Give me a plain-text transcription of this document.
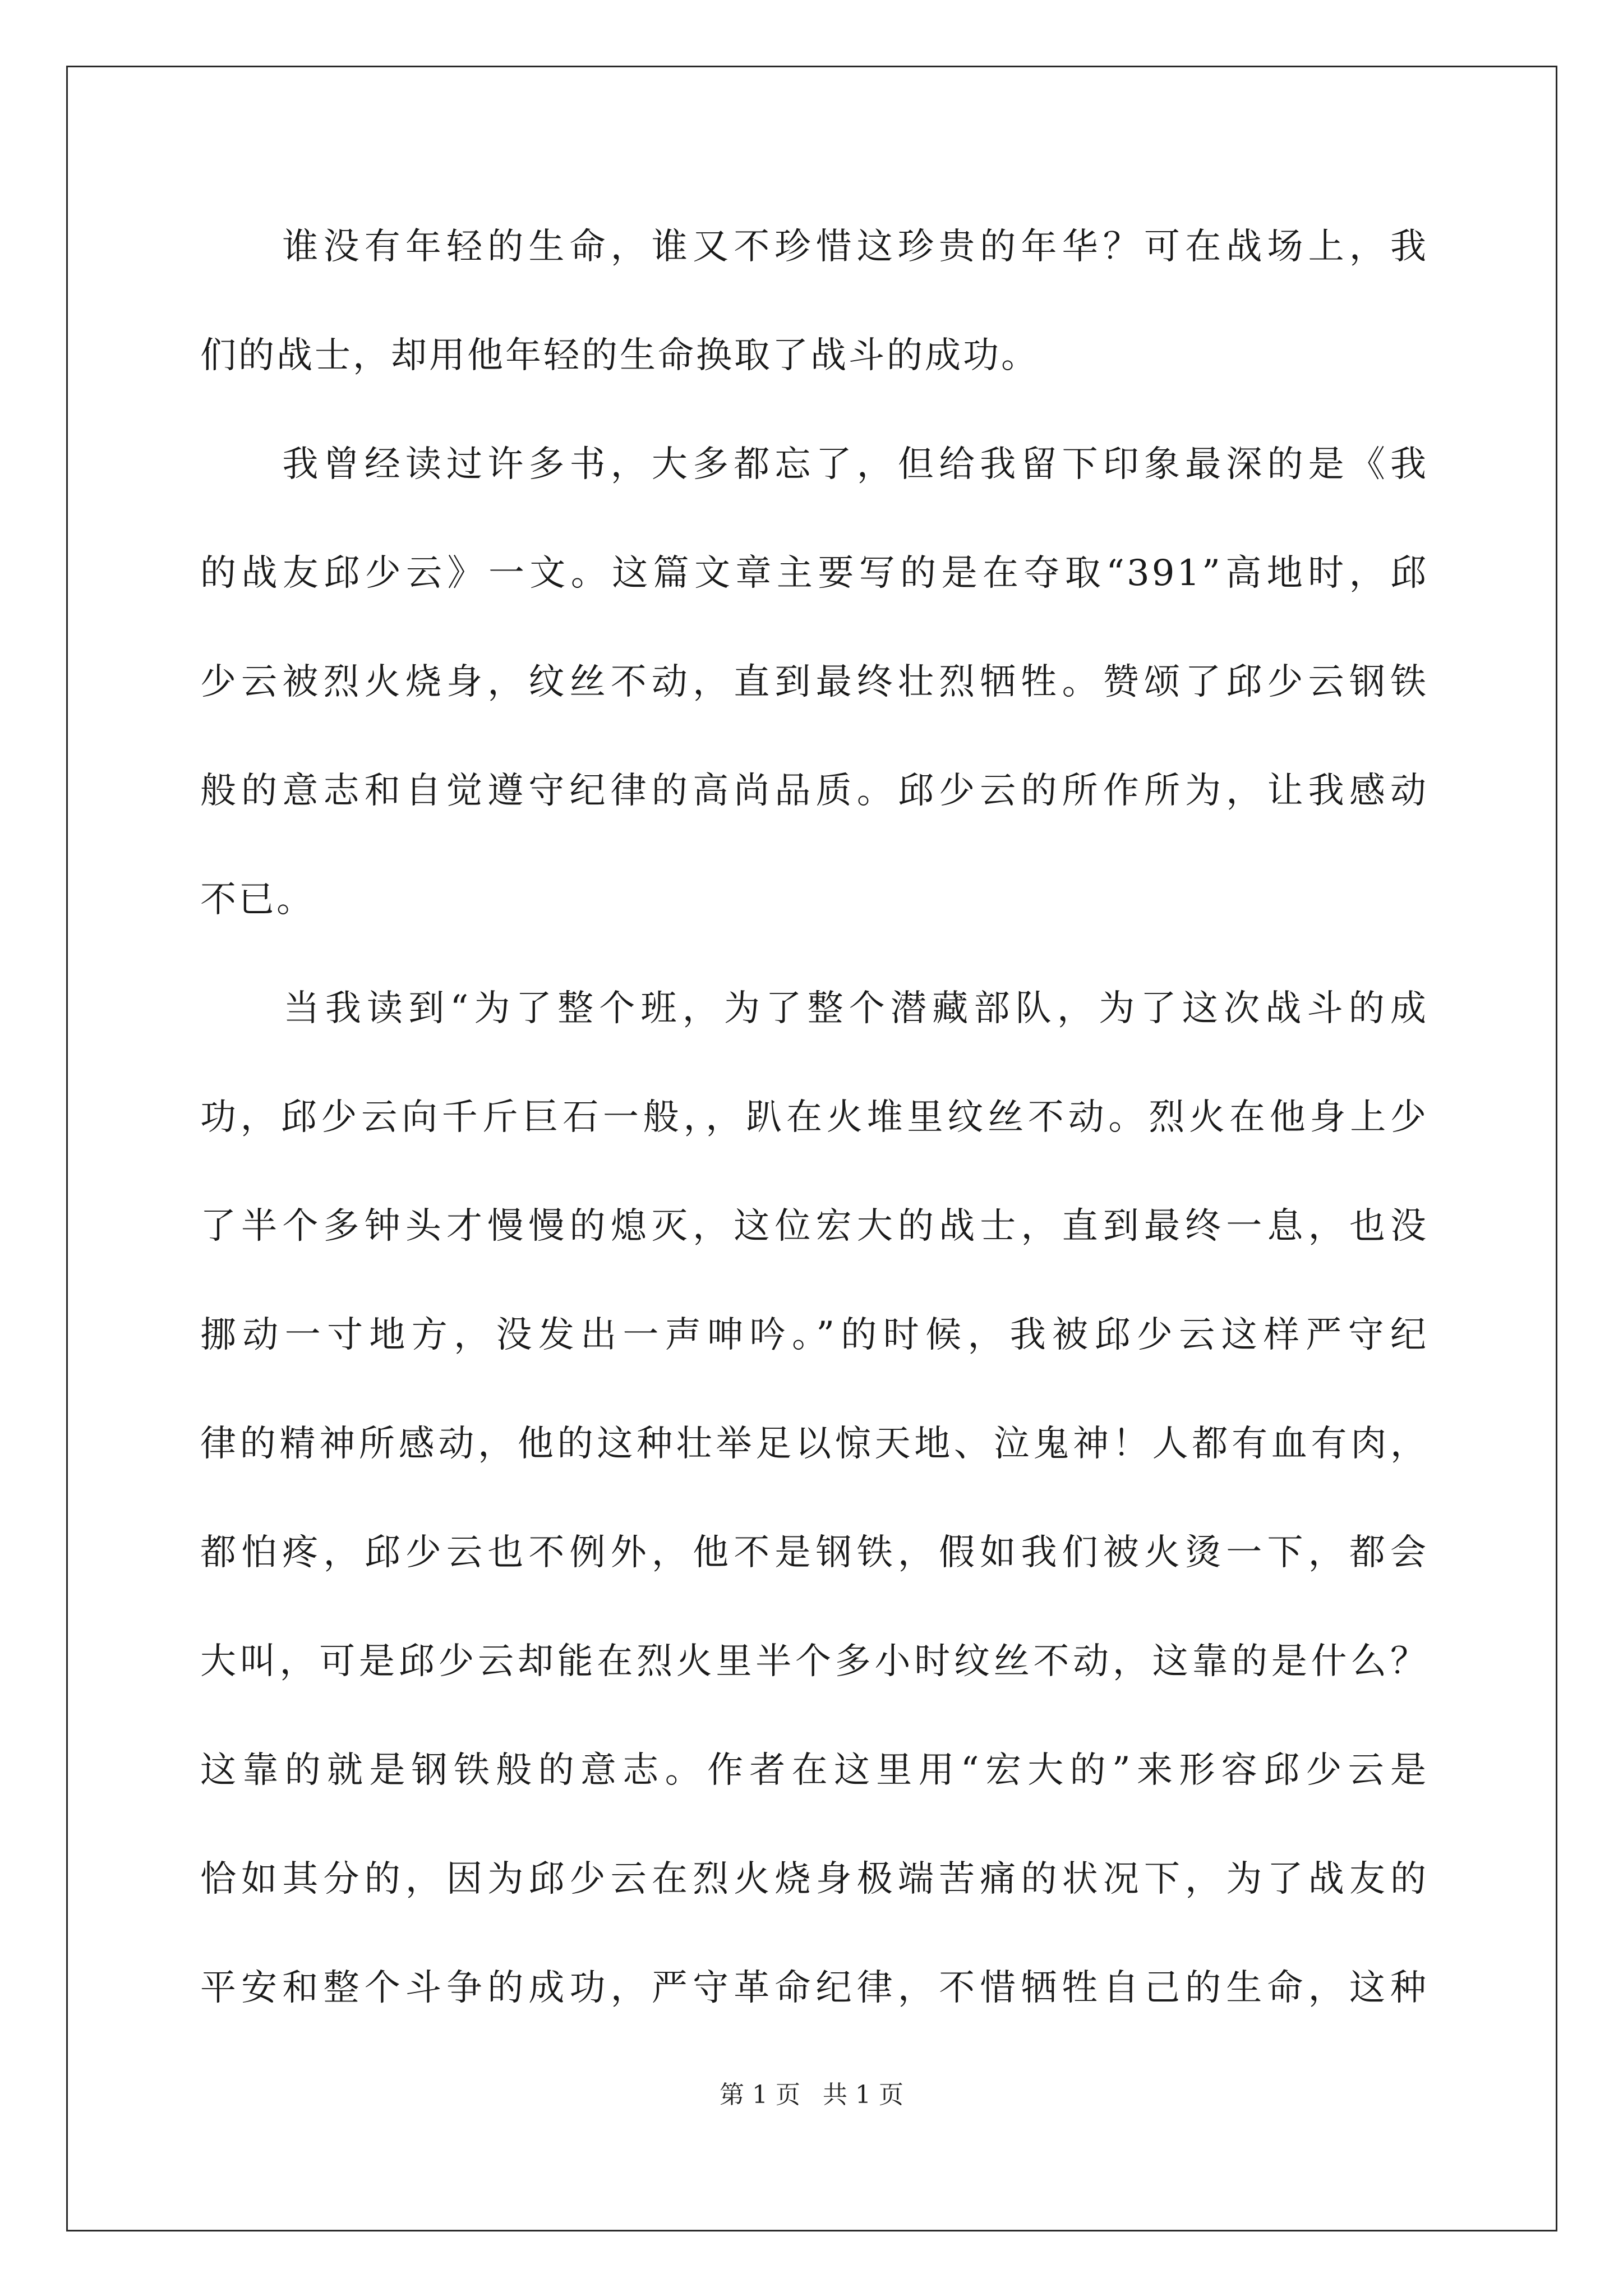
　　谁没有年轻的生命，谁又不珍惜这珍贵的年华？可在战场上，我
们的战士，却用他年轻的生命换取了战斗的成功。
　　我曾经读过许多书，大多都忘了，但给我留下印象最深的是《我
的战友邱少云》一文。这篇文章主要写的是在夺取“391”高地时，邱
少云被烈火烧身，纹丝不动，直到最终壮烈牺牲。赞颂了邱少云钢铁
般的意志和自觉遵守纪律的高尚品质。邱少云的所作所为，让我感动
不已。
　　当我读到“为了整个班，为了整个潜藏部队，为了这次战斗的成
功，邱少云向千斤巨石一般，，趴在火堆里纹丝不动。烈火在他身上少
了半个多钟头才慢慢的熄灭，这位宏大的战士，直到最终一息，也没
挪动一寸地方，没发出一声呻吟。”的时候，我被邱少云这样严守纪
律的精神所感动，他的这种壮举足以惊天地、泣鬼神！人都有血有肉，
都怕疼，邱少云也不例外，他不是钢铁，假如我们被火烫一下，都会
大叫，可是邱少云却能在烈火里半个多小时纹丝不动，这靠的是什么？
这靠的就是钢铁般的意志。作者在这里用“宏大的”来形容邱少云是
恰如其分的，因为邱少云在烈火烧身极端苦痛的状况下，为了战友的
平安和整个斗争的成功，严守革命纪律，不惜牺牲自己的生命，这种
第 1 页 共 1 页
